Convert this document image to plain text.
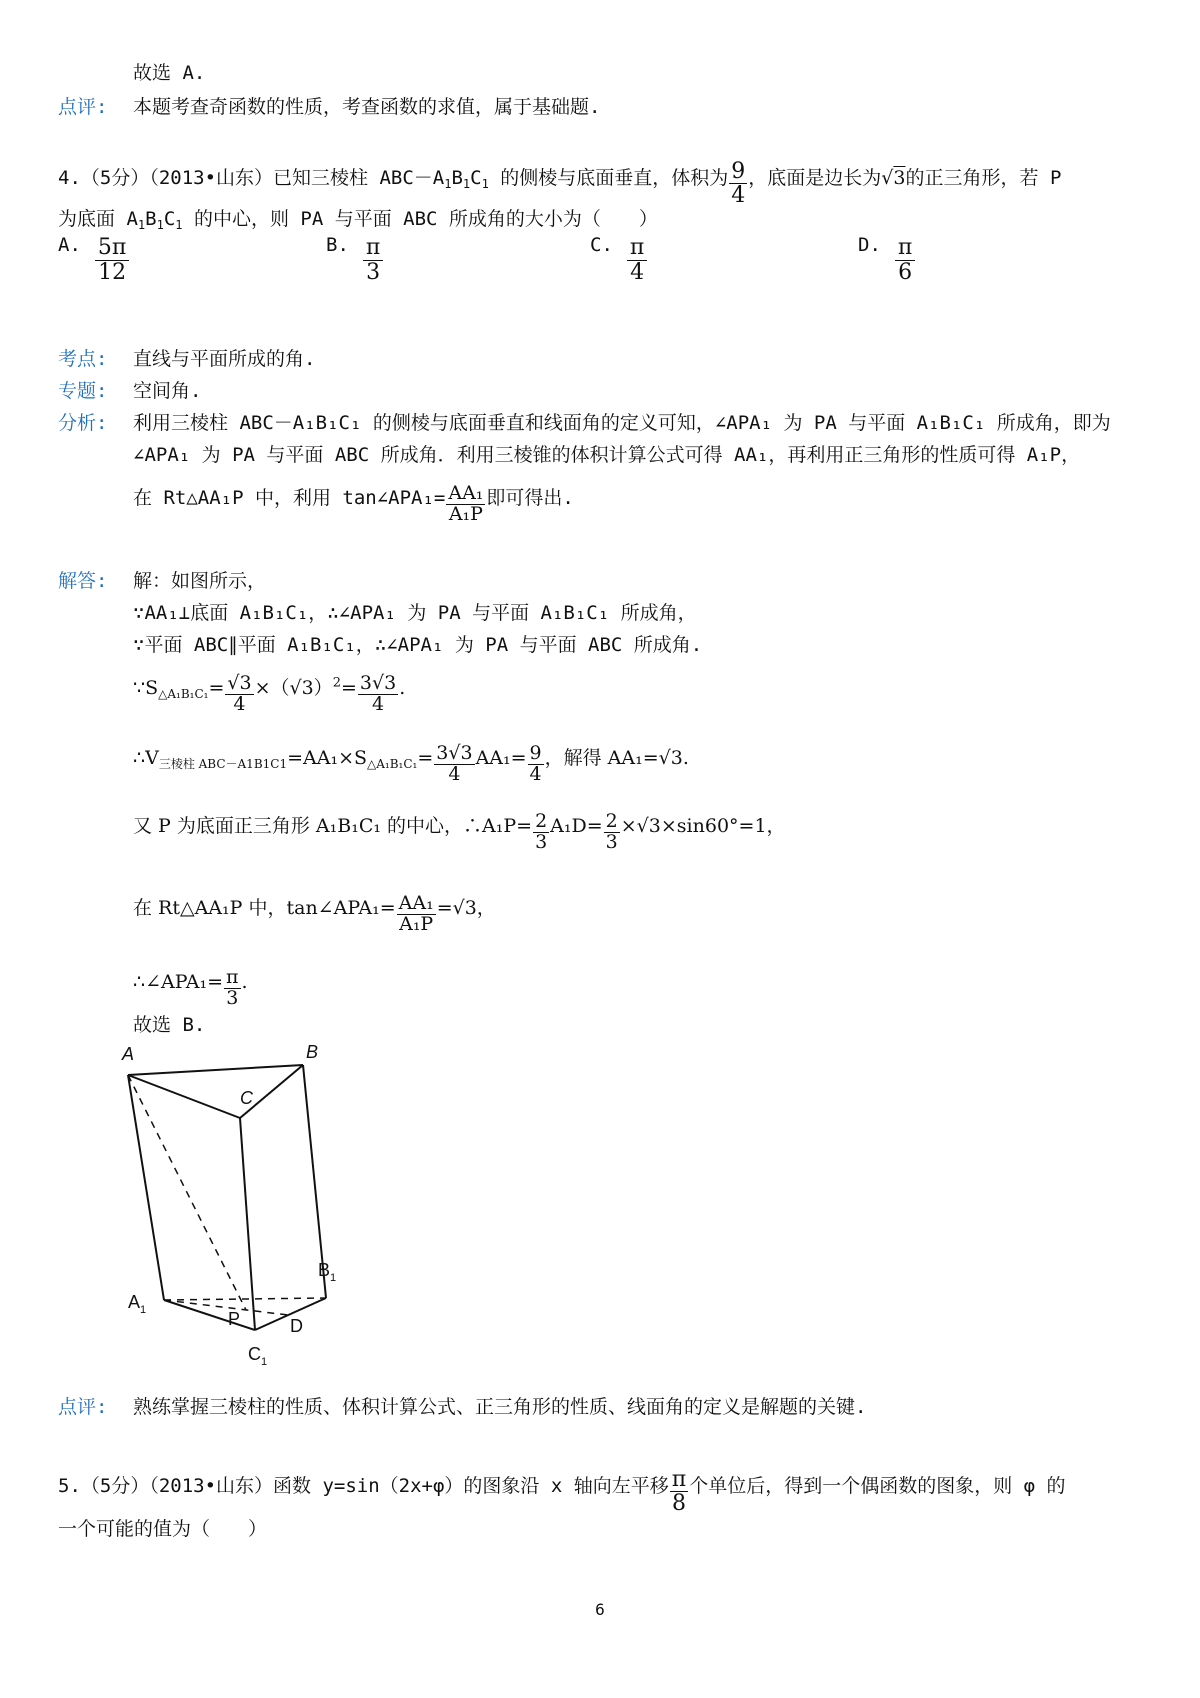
故选 A.
点评: 本题考查奇函数的性质，考查函数的求值，属于基础题.
4.（5分）（2013•山东）已知三棱柱 $ABC-A_1B_1C_1$ 的侧棱与底面垂直，体积为 $\frac{9}{4}$ ，底面是边长为√3的正三角形，若 P
为底面 $A_1B_1C_1$ 的中心，则 PA 与平面 ABC 所成角的大小为（　　）
A. $\frac{5\pi}{12}$	B. $\frac{\pi}{3}$	C. $\frac{\pi}{4}$	D. $\frac{\pi}{6}$
考点: 直线与平面所成的角.
专题: 空间角.
分析: 利用三棱柱 ABC－A₁B₁C₁ 的侧棱与底面垂直和线面角的定义可知，∠APA₁ 为 PA 与平面 A₁B₁C₁ 所成角，即为
∠APA₁ 为 PA 与平面 ABC 所成角．利用三棱锥的体积计算公式可得 AA₁，再利用正三角形的性质可得 A₁P，
在 Rt△AA₁P 中，利用 tan∠APA₁= $\frac{\text{AA₁}}{\text{A₁P}}$ 即可得出.
解答: 解：如图所示，
∵AA₁⊥底面 A₁B₁C₁，∴∠APA₁ 为 PA 与平面 A₁B₁C₁ 所成角，
∵平面 ABC∥平面 A₁B₁C₁，∴∠APA₁ 为 PA 与平面 ABC 所成角.
$\because S_{\triangle A_1B_1C_1}= \frac{√3}{4} \times(√3)^2= \frac{3√3}{4}$ .
$\therefore V_{三棱柱 ABC-A1B1C1}=AA_1\times S_{\triangle A_1B_1C_1}= \frac{3√3}{4} AA_1= \frac{9}{4}$ ，解得 AA₁=√3.
又 P 为底面正三角形 A₁B₁C₁ 的中心，∴A₁P= $\frac{2}{3} A_1D= \frac{2}{3} \times√3\times\sin 60^\circ=1$，
在 Rt△AA₁P 中，tan∠APA₁= $\frac{\text{AA₁}}{\text{A₁P}} =√3$，
∴∠APA₁= $\frac{\pi}{3}$ .
故选 B.
A	B
C
$A_1$
$B_1$
$C_1$
P	D
点评: 熟练掌握三棱柱的性质、体积计算公式、正三角形的性质、线面角的定义是解题的关键.
5.（5分）（2013•山东）函数 y=sin（2x+φ）的图象沿 x 轴向左平移 $\frac{\pi}{8}$ 个单位后，得到一个偶函数的图象，则 φ 的
一个可能的值为（　　）
6
